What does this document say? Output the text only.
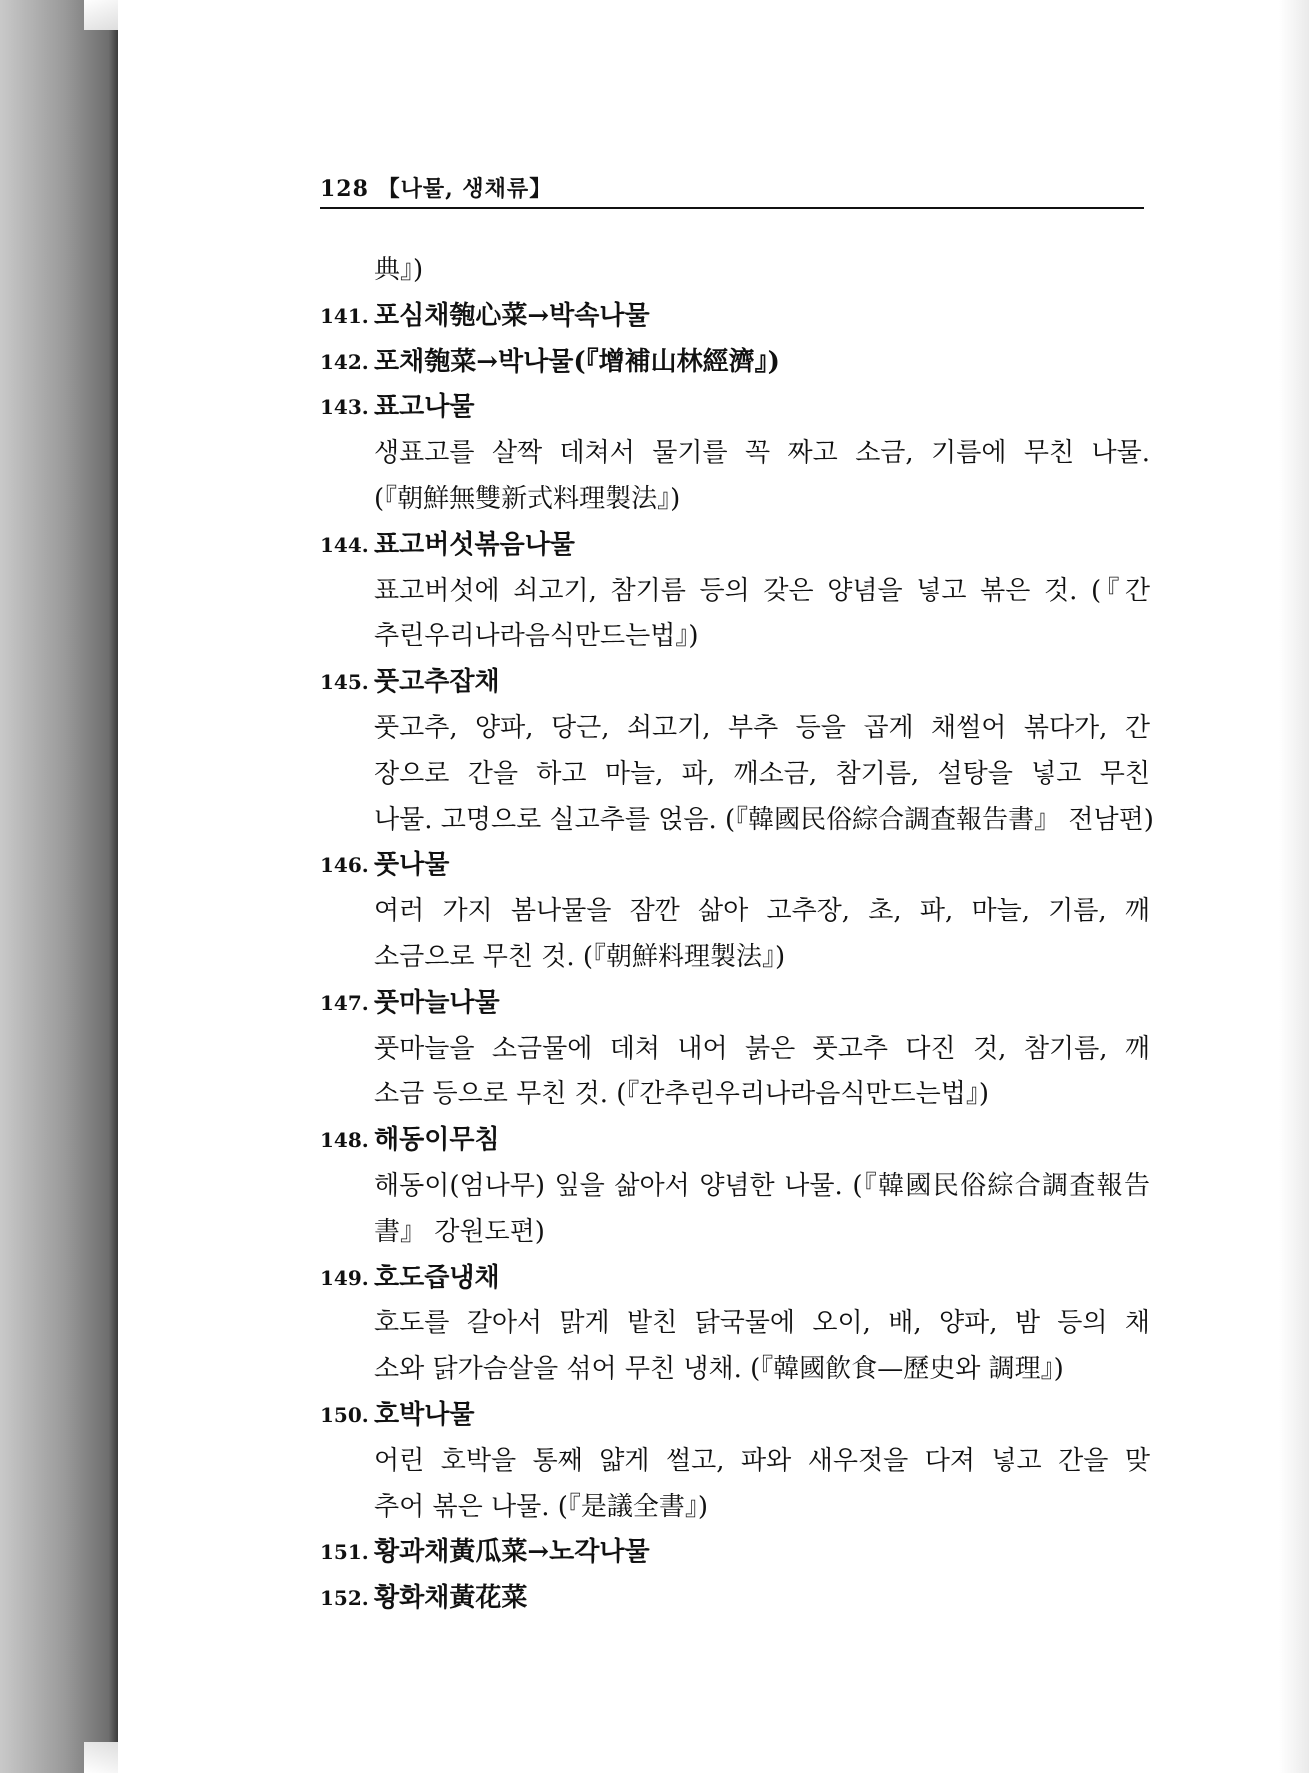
128 【나물, 생채류】
典』)
141. 포심채匏心菜→박속나물
142. 포채匏菜→박나물(『增補山林經濟』)
143. 표고나물
생표고를 살짝 데쳐서 물기를 꼭 짜고 소금, 기름에 무친 나물.
(『朝鮮無雙新式料理製法』)
144. 표고버섯볶음나물
표고버섯에 쇠고기, 참기름 등의 갖은 양념을 넣고 볶은 것. (『간
추린우리나라음식만드는법』)
145. 풋고추잡채
풋고추, 양파, 당근, 쇠고기, 부추 등을 곱게 채썰어 볶다가, 간
장으로 간을 하고 마늘, 파, 깨소금, 참기름, 설탕을 넣고 무친
나물. 고명으로 실고추를 얹음. (『韓國民俗綜合調査報告書』 전남편)
146. 풋나물
여러 가지 봄나물을 잠깐 삶아 고추장, 초, 파, 마늘, 기름, 깨
소금으로 무친 것. (『朝鮮料理製法』)
147. 풋마늘나물
풋마늘을 소금물에 데쳐 내어 붉은 풋고추 다진 것, 참기름, 깨
소금 등으로 무친 것. (『간추린우리나라음식만드는법』)
148. 해동이무침
해동이(엄나무) 잎을 삶아서 양념한 나물. (『韓國民俗綜合調査報告
書』 강원도편)
149. 호도즙냉채
호도를 갈아서 맑게 밭친 닭국물에 오이, 배, 양파, 밤 등의 채
소와 닭가슴살을 섞어 무친 냉채. (『韓國飮食—歷史와 調理』)
150. 호박나물
어린 호박을 통째 얇게 썰고, 파와 새우젓을 다져 넣고 간을 맞
추어 볶은 나물. (『是議全書』)
151. 황과채黃瓜菜→노각나물
152. 황화채黃花菜
